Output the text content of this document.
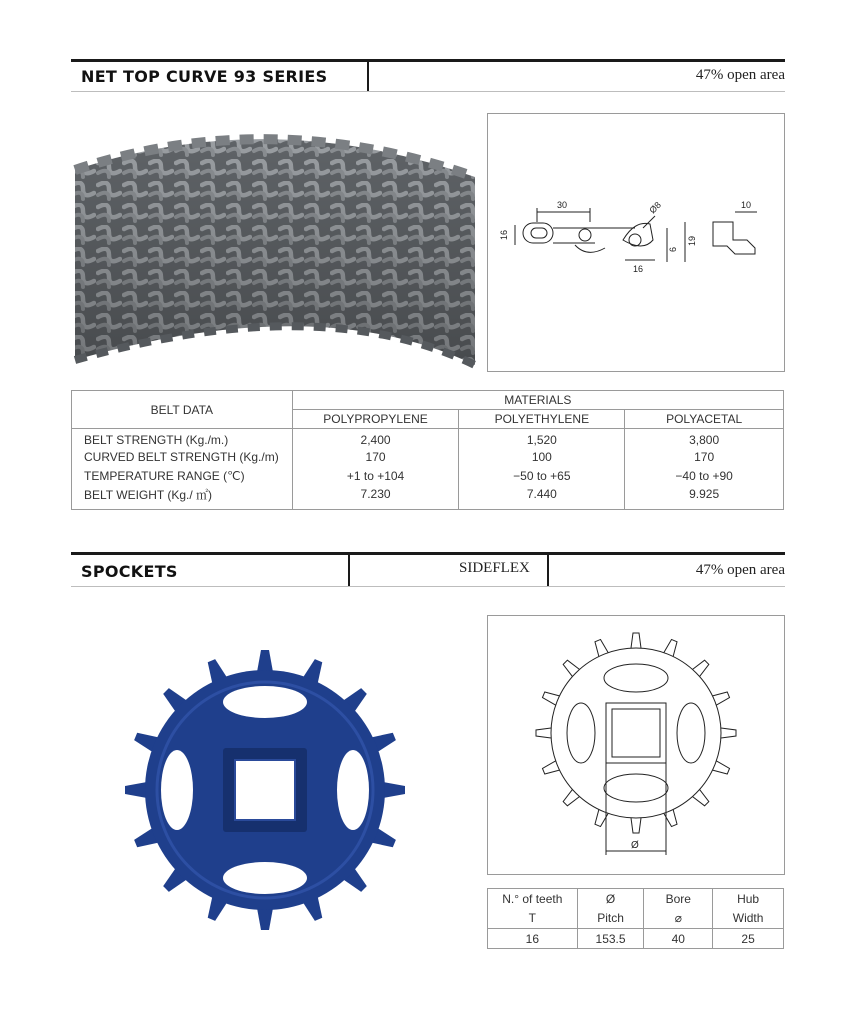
NET TOP CURVE 93 SERIES	47% open area
30
16
Ø8
19
6
16
10
BELT DATA	MATERIALS		
	POLYPROPYLENE	POLYETHYLENE	POLYACETAL
BELT STRENGTH (Kg./m.)	2,400	1,520	3,800
CURVED BELT STRENGTH (Kg./m)	170	100	170
TEMPERATURE RANGE (℃)	+1 to +104	−50 to +65	−40 to +90
BELT WEIGHT (Kg./ ㎡)	7.230	7.440	9.925
SPOCKETS	SIDEFLEX	47% open area
Ø
N.° of teeth	Ø	Bore	Hub
T	Pitch	⌀	Width
16	153.5	40	25
